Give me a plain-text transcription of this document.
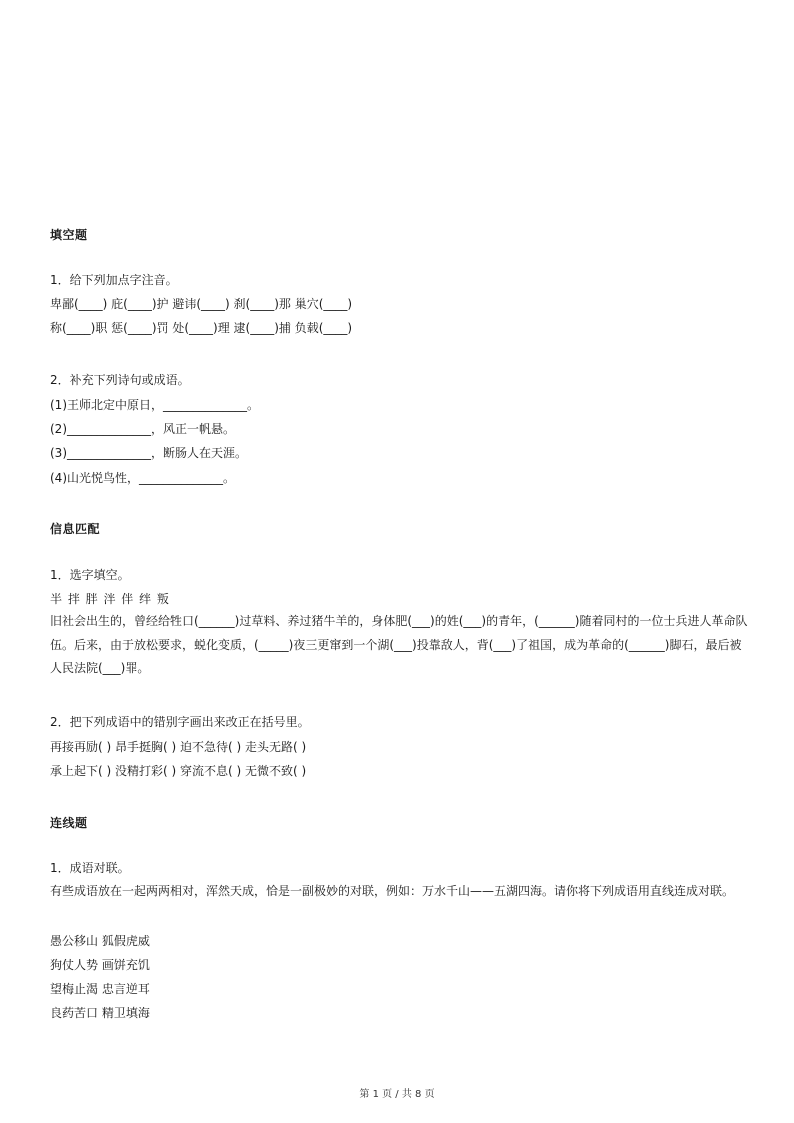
填空题
1．给下列加点字注音。
卑鄙(____) 庇(____)护 避讳(____) 刹(____)那 巢穴(____)
称(____)职 惩(____)罚 处(____)理 逮(____)捕 负载(____)
2．补充下列诗句或成语。
(1)王师北定中原日，______________。
(2)______________，风正一帆悬。
(3)______________，断肠人在天涯。
(4)山光悦鸟性，______________。
信息匹配
1．选字填空。
半 拌 胖 泮 伴 绊 叛
旧社会出生的，曾经给牲口(______)过草料、养过猪牛羊的，身体肥(___)的姓(___)的青年，(______)随着同村的一位士兵进人革命队伍。后来，由于放松要求，蜕化变质，(_____)夜三更窜到一个湖(___)投靠敌人，背(___)了祖国，成为革命的(______)脚石，最后被人民法院(___)罪。
2．把下列成语中的错别字画出来改正在括号里。
再接再励( ) 昂手挺胸( ) 迫不急待( ) 走头无路( )
承上起下( ) 没精打彩( ) 穿流不息( ) 无微不致( )
连线题
1．成语对联。
有些成语放在一起两两相对，浑然天成，恰是一副极妙的对联，例如：万水千山——五湖四海。请你将下列成语用直线连成对联。
愚公移山 狐假虎威
狗仗人势 画饼充饥
望梅止渴 忠言逆耳
良药苦口 精卫填海
第 1 页 / 共 8 页
